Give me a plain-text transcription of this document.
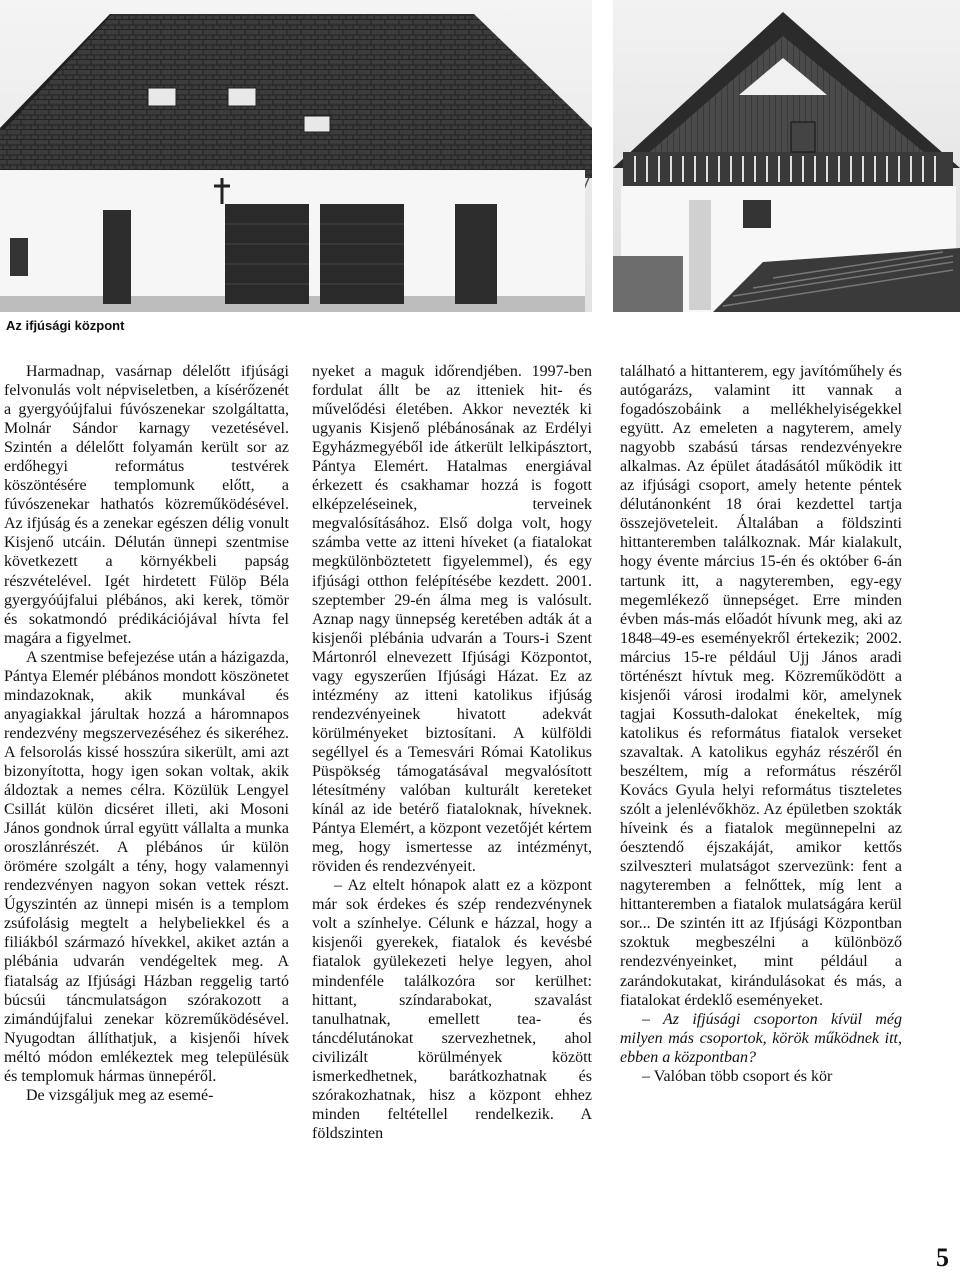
Az ifjúsági központ

Harmadnap, vasárnap délelőtt ifjúsági felvonulás volt népviseletben, a kísérőzenét a gyergyóújfalui fúvószenekar szolgáltatta, Molnár Sándor karnagy vezetésével. Szintén a délelőtt folyamán került sor az erdőhegyi református testvérek köszöntésére templomunk előtt, a fúvószenekar hathatós közreműködésével. Az ifjúság és a zenekar egészen délig vonult Kisjenő utcáin. Délután ünnepi szentmise következett a környékbeli papság részvételével. Igét hirdetett Fülöp Béla gyergyóújfalui plébános, aki kerek, tömör és sokatmondó prédikációjával hívta fel magára a figyelmet.

A szentmise befejezése után a házigazda, Pántya Elemér plébános mondott köszönetet mindazoknak, akik munkával és anyagiakkal járultak hozzá a háromnapos rendezvény megszervezéséhez és sikeréhez. A felsorolás kissé hosszúra sikerült, ami azt bizonyította, hogy igen sokan voltak, akik áldoztak a nemes célra. Közülük Lengyel Csillát külön dicséret illeti, aki Mosoni János gondnok úrral együtt vállalta a munka oroszlánrészét. A plébános úr külön örömére szolgált a tény, hogy valamennyi rendezvényen nagyon sokan vettek részt. Úgyszintén az ünnepi misén is a templom zsúfolásig megtelt a helybeliekkel és a filiákból származó hívekkel, akiket aztán a plébánia udvarán vendégeltek meg. A fiatalság az Ifjúsági Házban reggelig tartó búcsúi táncmulatságon szórakozott a zimándújfalui zenekar közreműködésével. Nyugodtan állíthatjuk, a kisjenői hívek méltó módon emlékeztek meg településük és templomuk hármas ünnepéről.

De vizsgáljuk meg az esemé-

nyeket a maguk időrendjében. 1997-ben fordulat állt be az itteniek hit- és művelődési életében. Akkor nevezték ki ugyanis Kisjenő plébánosának az Erdélyi Egyházmegyéből ide átkerült lelkipásztort, Pántya Elemért. Hatalmas energiával érkezett és csakhamar hozzá is fogott elképzeléseinek, terveinek megvalósításához. Első dolga volt, hogy számba vette az itteni híveket (a fiatalokat megkülönböztetett figyelemmel), és egy ifjúsági otthon felépítésébe kezdett. 2001. szeptember 29-én álma meg is valósult. Aznap nagy ünnepség keretében adták át a kisjenői plébánia udvarán a Tours-i Szent Mártonról elnevezett Ifjúsági Központot, vagy egyszerűen Ifjúsági Házat. Ez az intézmény az itteni katolikus ifjúság rendezvényeinek hivatott adekvát körülményeket biztosítani. A külföldi segéllyel és a Temesvári Római Katolikus Püspökség támogatásával megvalósított létesítmény valóban kulturált kereteket kínál az ide betérő fiataloknak, híveknek. Pántya Elemért, a központ vezetőjét kértem meg, hogy ismertesse az intézményt, röviden és rendezvényeit.

– Az eltelt hónapok alatt ez a központ már sok érdekes és szép rendezvénynek volt a színhelye. Célunk e házzal, hogy a kisjenői gyerekek, fiatalok és kevésbé fiatalok gyülekezeti helye legyen, ahol mindenféle találkozóra sor kerülhet: hittant, színdarabokat, szavalást tanulhatnak, emellett tea- és táncdélutánokat szervezhetnek, ahol civilizált körülmények között ismerkedhetnek, barátkozhatnak és szórakozhatnak, hisz a központ ehhez minden feltétellel rendelkezik. A földszinten

található a hittanterem, egy javítóműhely és autógarázs, valamint itt vannak a fogadószobáink a mellékhelyiségekkel együtt. Az emeleten a nagyterem, amely nagyobb szabású társas rendezvényekre alkalmas. Az épület átadásától működik itt az ifjúsági csoport, amely hetente péntek délutánonként 18 órai kezdettel tartja összejöveteleit. Általában a földszinti hittanteremben találkoznak. Már kialakult, hogy évente március 15-én és október 6-án tartunk itt, a nagyteremben, egy-egy megemlékező ünnepséget. Erre minden évben más-más előadót hívunk meg, aki az 1848–49-es eseményekről értekezik; 2002. március 15-re például Ujj János aradi történészt hívtuk meg. Közreműködött a kisjenői városi irodalmi kör, amelynek tagjai Kossuth-dalokat énekeltek, míg katolikus és református fiatalok verseket szavaltak. A katolikus egyház részéről én beszéltem, míg a református részéről Kovács Gyula helyi református tiszteletes szólt a jelenlévőkhöz. Az épületben szokták híveink és a fiatalok megünnepelni az óesztendő éjszakáját, amikor kettős szilveszteri mulatságot szervezünk: fent a nagyteremben a felnőttek, míg lent a hittanteremben a fiatalok mulatságára kerül sor... De szintén itt az Ifjúsági Központban szoktuk megbeszélni a különböző rendezvényeinket, mint például a zarándokutakat, kirándulásokat és más, a fiatalokat érdeklő eseményeket.

– Az ifjúsági csoporton kívül még milyen más csoportok, körök működnek itt, ebben a központban?

– Valóban több csoport és kör

5
